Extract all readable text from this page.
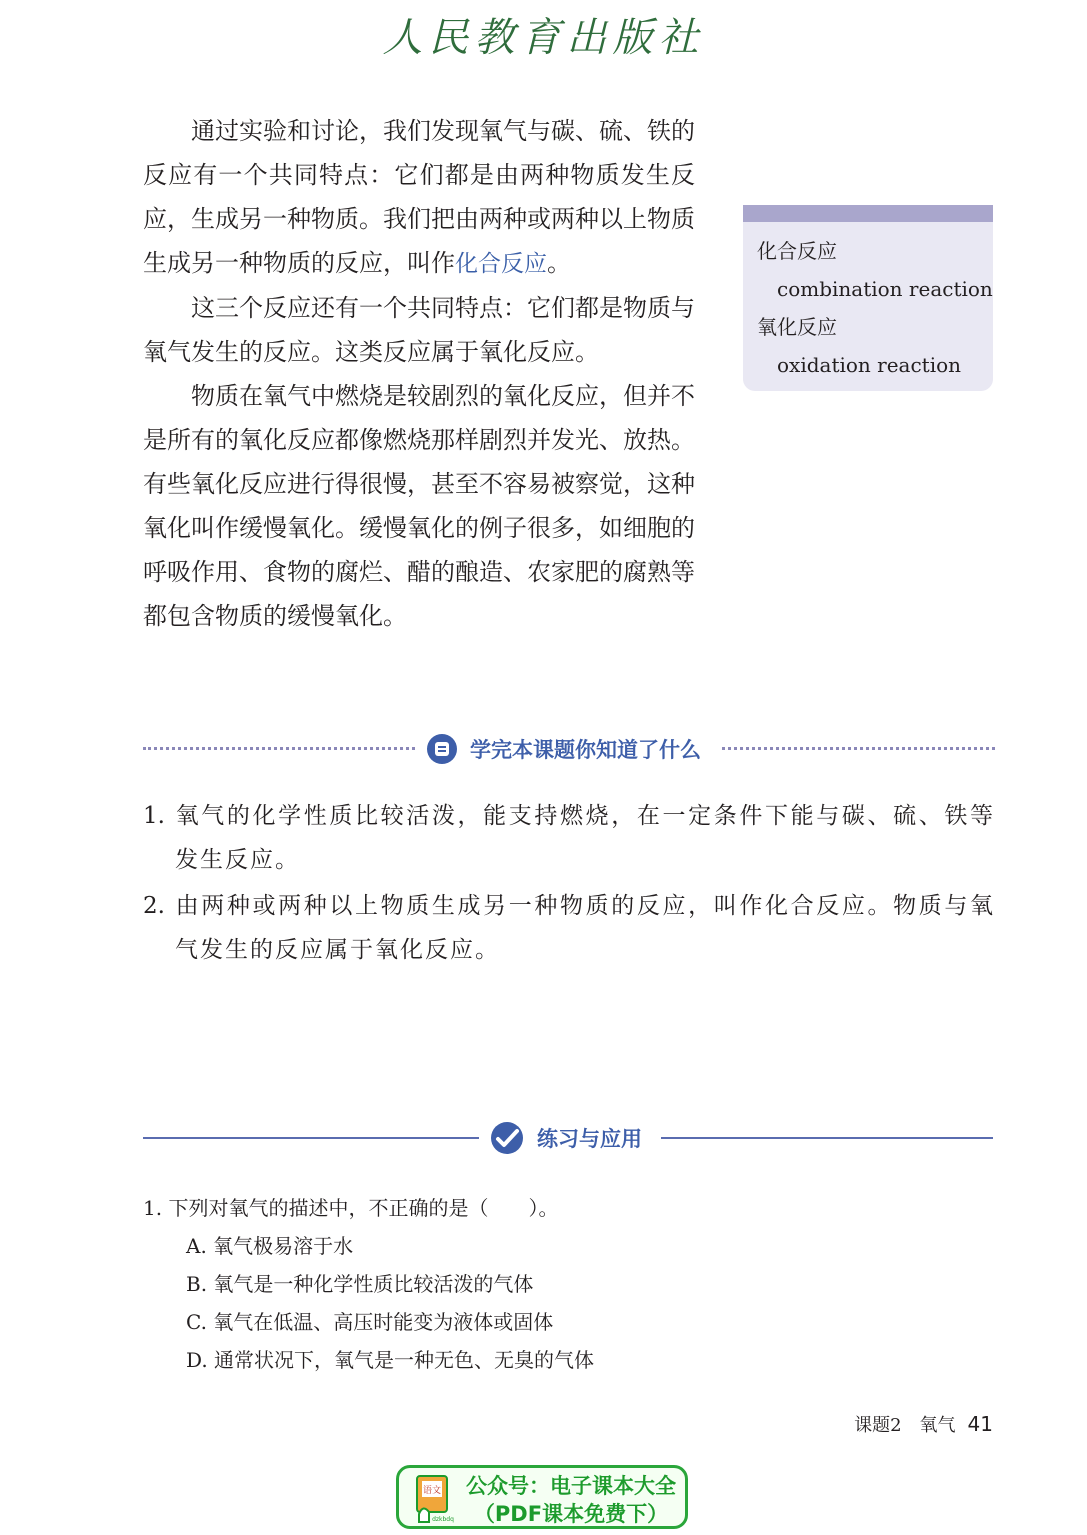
人民教育出版社

通过实验和讨论，我们发现氧气与碳、硫、铁的反应有一个共同特点：它们都是由两种物质发生反应，生成另一种物质。我们把由两种或两种以上物质生成另一种物质的反应，叫作化合反应。

这三个反应还有一个共同特点：它们都是物质与氧气发生的反应。这类反应属于氧化反应。

物质在氧气中燃烧是较剧烈的氧化反应，但并不是所有的氧化反应都像燃烧那样剧烈并发光、放热。有些氧化反应进行得很慢，甚至不容易被察觉，这种氧化叫作缓慢氧化。缓慢氧化的例子很多，如细胞的呼吸作用、食物的腐烂、醋的酿造、农家肥的腐熟等都包含物质的缓慢氧化。

化合反应
combination reaction
氧化反应
oxidation reaction
学完本课题你知道了什么

1. 氧气的化学性质比较活泼，能支持燃烧，在一定条件下能与碳、硫、铁等发生反应。

2. 由两种或两种以上物质生成另一种物质的反应，叫作化合反应。物质与氧气发生的反应属于氧化反应。

练习与应用

1. 下列对氧气的描述中，不正确的是（　　）。

A. 氧气极易溶于水

B. 氧气是一种化学性质比较活泼的气体

C. 氧气在低温、高压时能变为液体或固体

D. 通常状况下，氧气是一种无色、无臭的气体

课题2　氧气 41
语文
dzkbdq
公众号：电子课本大全
（PDF课本免费下）
